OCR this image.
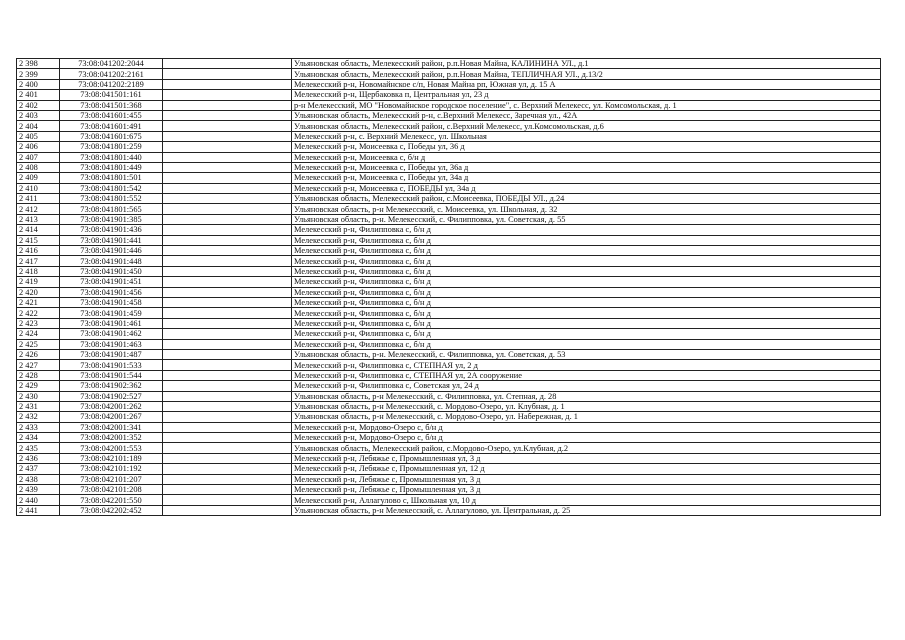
2 398	73:08:041202:2044		Ульяновская область, Мелекесский район, р.п.Новая Майна, КАЛИНИНА УЛ., д.1
2 399	73:08:041202:2161		Ульяновская область, Мелекесский район, р.п.Новая Майна, ТЕПЛИЧНАЯ УЛ., д.13/2
2 400	73:08:041202:2189		Мелекесский р-н, Новомайнское с/п, Новая Майна рп, Южная ул, д. 15 А
2 401	73:08:041501:161		Мелекесский р-н, Щербаковка п, Центральная ул, 23 д
2 402	73:08:041501:368		р-н Мелекесский, МО "Новомайнское городское поселение", с. Верхний Мелекесс, ул. Комсомольская, д. 1
2 403	73:08:041601:455		Ульяновская область, Мелекесский р-н, с.Верхний Мелекесс, Заречная ул., 42А
2 404	73:08:041601:491		Ульяновская область, Мелекесский район, с.Верхний Мелекесс, ул.Комсомольская, д.6
2 405	73:08:041601:675		Мелекесский р-н, с. Верхний Мелекесс, ул. Школьная
2 406	73:08:041801:259		Мелекесский р-н, Моисеевка с, Победы ул, 36 д
2 407	73:08:041801:440		Мелекесский р-н, Моисеевка с, б/н д
2 408	73:08:041801:449		Мелекесский р-н, Моисеевка с, Победы ул, 36а д
2 409	73:08:041801:501		Мелекесский р-н, Моисеевка с, Победы ул, 34а д
2 410	73:08:041801:542		Мелекесский р-н, Моисеевка с, ПОБЕДЫ ул, 34а д
2 411	73:08:041801:552		Ульяновская область, Мелекесский район, с.Моисеевка, ПОБЕДЫ УЛ., д.24
2 412	73:08:041801:565		Ульяновская область, р-н Мелекесский, с. Моисеевка, ул. Школьная, д. 32
2 413	73:08:041901:385		Ульяновская область, р-н. Мелекесский, с. Филипповка, ул. Советская, д. 55
2 414	73:08:041901:436		Мелекесский р-н, Филипповка с, б/н д
2 415	73:08:041901:441		Мелекесский р-н, Филипповка с, б/н д
2 416	73:08:041901:446		Мелекесский р-н, Филипповка с, б/н д
2 417	73:08:041901:448		Мелекесский р-н, Филипповка с, б/н д
2 418	73:08:041901:450		Мелекесский р-н, Филипповка с, б/н д
2 419	73:08:041901:451		Мелекесский р-н, Филипповка с, б/н д
2 420	73:08:041901:456		Мелекесский р-н, Филипповка с, б/н д
2 421	73:08:041901:458		Мелекесский р-н, Филипповка с, б/н д
2 422	73:08:041901:459		Мелекесский р-н, Филипповка с, б/н д
2 423	73:08:041901:461		Мелекесский р-н, Филипповка с, б/н д
2 424	73:08:041901:462		Мелекесский р-н, Филипповка с, б/н д
2 425	73:08:041901:463		Мелекесский р-н, Филипповка с, б/н д
2 426	73:08:041901:487		Ульяновская область, р-н. Мелекесский, с. Филипповка, ул. Советская, д. 53
2 427	73:08:041901:533		Мелекесский р-н, Филипповка с, СТЕПНАЯ ул, 2 д
2 428	73:08:041901:544		Мелекесский р-н, Филипповка с, СТЕПНАЯ ул, 2А сооружение
2 429	73:08:041902:362		Мелекесский р-н, Филипповка с, Советская ул, 24 д
2 430	73:08:041902:527		Ульяновская область, р-н Мелекесский, с. Филипповка, ул. Степная, д. 28
2 431	73:08:042001:262		Ульяновская область, р-н Мелекесский, с. Мордово-Озеро, ул. Клубная, д. 1
2 432	73:08:042001:267		Ульяновская область, р-н Мелекесский, с. Мордово-Озеро, ул. Набережная, д. 1
2 433	73:08:042001:341		Мелекесский р-н, Мордово-Озеро с, б/н д
2 434	73:08:042001:352		Мелекесский р-н, Мордово-Озеро с, б/н д
2 435	73:08:042001:553		Ульяновская область, Мелекесский район, с.Мордово-Озеро, ул.Клубная, д.2
2 436	73:08:042101:189		Мелекесский р-н, Лебяжье с, Промышленная ул, 3 д
2 437	73:08:042101:192		Мелекесский р-н, Лебяжье с, Промышленная ул, 12 д
2 438	73:08:042101:207		Мелекесский р-н, Лебяжье с, Промышленная ул, 3 д
2 439	73:08:042101:208		Мелекесский р-н, Лебяжье с, Промышленная ул, 3 д
2 440	73:08:042201:550		Мелекесский р-н, Аллагулово с, Школьная ул, 10 д
2 441	73:08:042202:452		Ульяновская область, р-н Мелекесский, с. Аллагулово, ул. Центральная, д. 25
